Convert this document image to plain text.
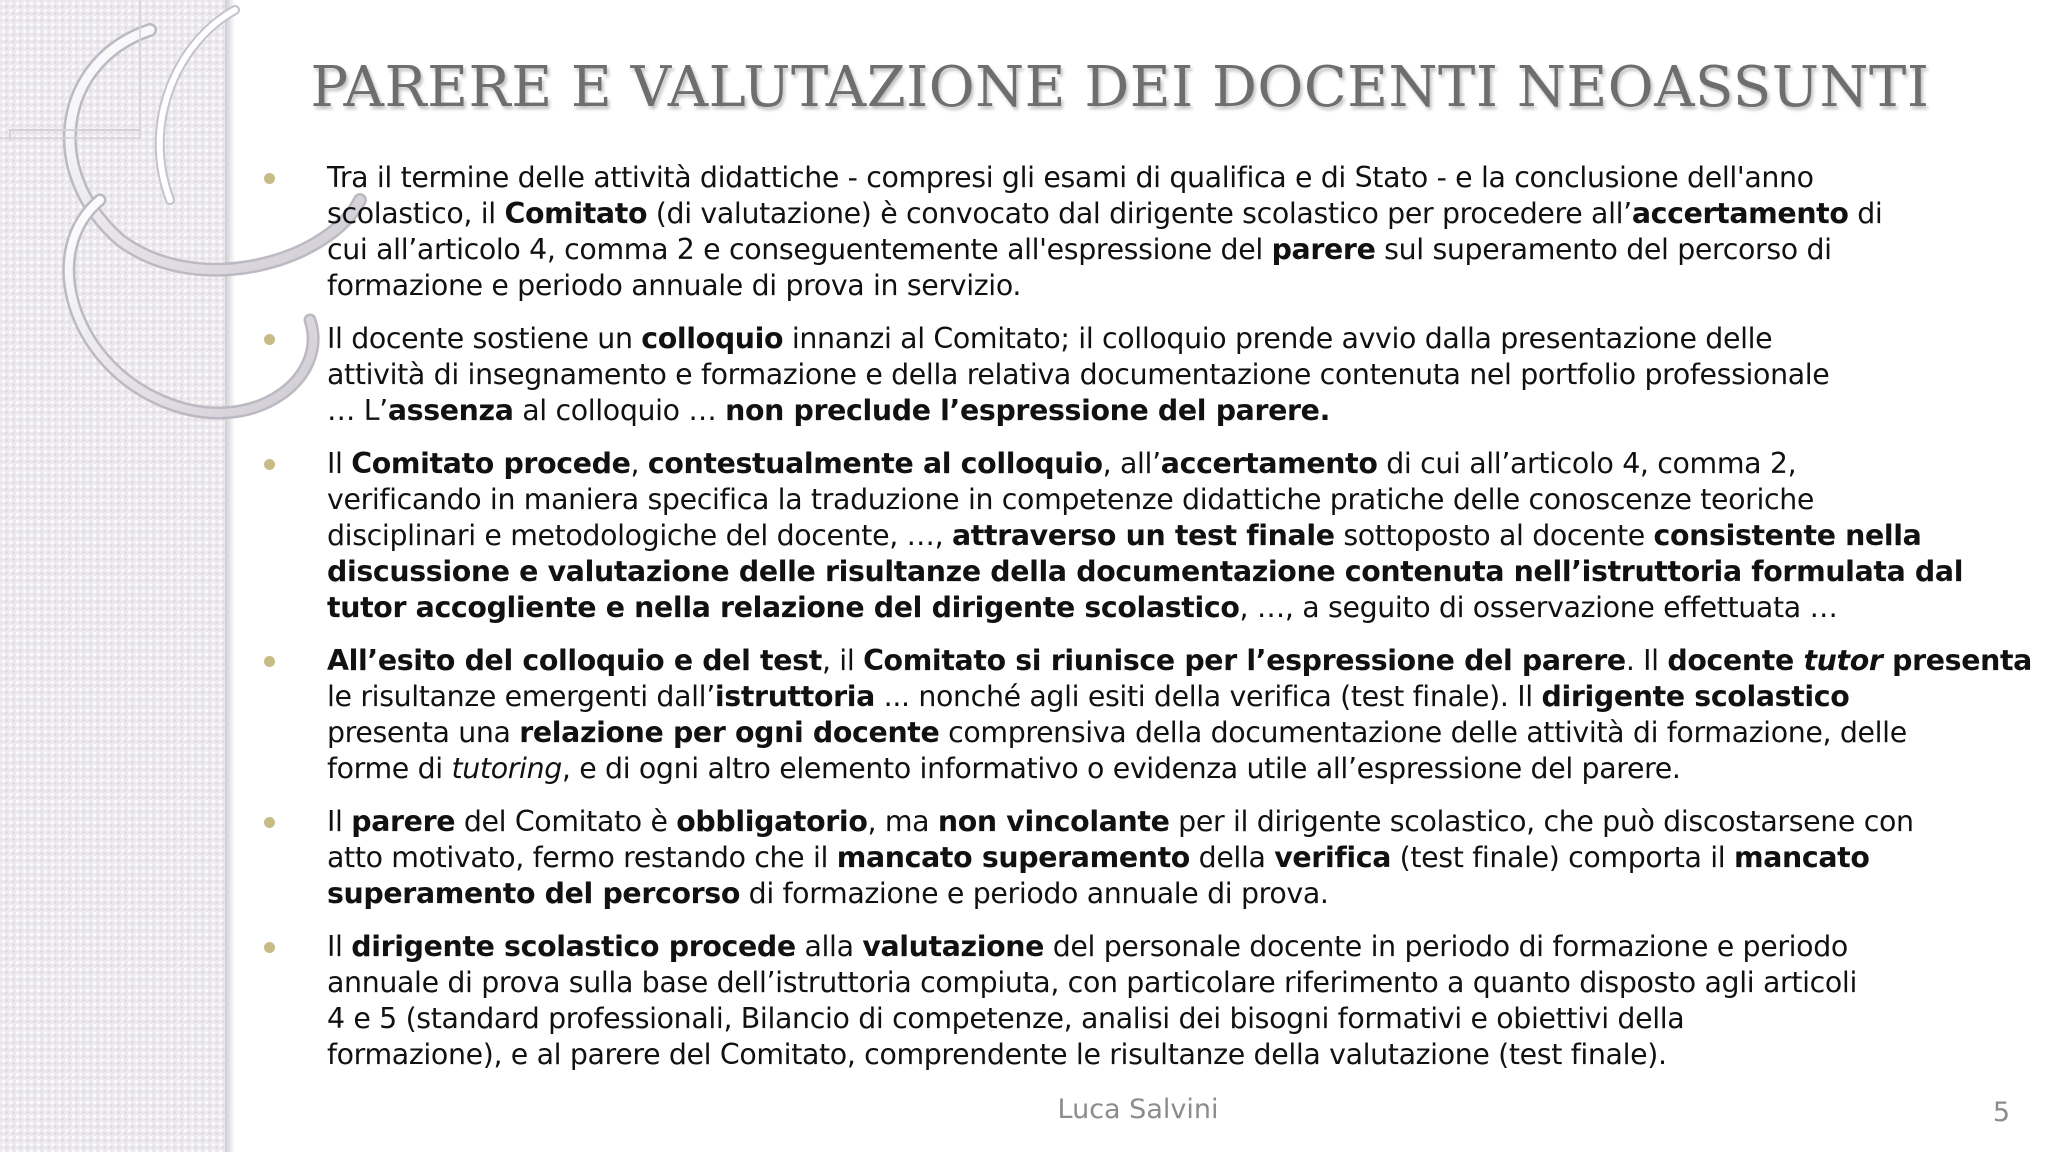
PARERE E VALUTAZIONE DEI DOCENTI NEOASSUNTI
Tra il termine delle attività didattiche - compresi gli esami di qualifica e di Stato - e la conclusione dell'anno
scolastico, il Comitato (di valutazione) è convocato dal dirigente scolastico per procedere all’accertamento di
cui all’articolo 4, comma 2 e conseguentemente all'espressione del parere sul superamento del percorso di
formazione e periodo annuale di prova in servizio.
Il docente sostiene un colloquio innanzi al Comitato; il colloquio prende avvio dalla presentazione delle
attività di insegnamento e formazione e della relativa documentazione contenuta nel portfolio professionale
… L’assenza al colloquio … non preclude l’espressione del parere.
Il Comitato procede, contestualmente al colloquio, all’accertamento di cui all’articolo 4, comma 2,
verificando in maniera specifica la traduzione in competenze didattiche pratiche delle conoscenze teoriche
disciplinari e metodologiche del docente, …, attraverso un test finale sottoposto al docente consistente nella
discussione e valutazione delle risultanze della documentazione contenuta nell’istruttoria formulata dal
tutor accogliente e nella relazione del dirigente scolastico, …, a seguito di osservazione effettuata …
All’esito del colloquio e del test, il Comitato si riunisce per l’espressione del parere. Il docente tutor presenta
le risultanze emergenti dall’istruttoria ... nonché agli esiti della verifica (test finale). Il dirigente scolastico
presenta una relazione per ogni docente comprensiva della documentazione delle attività di formazione, delle
forme di tutoring, e di ogni altro elemento informativo o evidenza utile all’espressione del parere.
Il parere del Comitato è obbligatorio, ma non vincolante per il dirigente scolastico, che può discostarsene con
atto motivato, fermo restando che il mancato superamento della verifica (test finale) comporta il mancato
superamento del percorso di formazione e periodo annuale di prova.
Il dirigente scolastico procede alla valutazione del personale docente in periodo di formazione e periodo
annuale di prova sulla base dell’istruttoria compiuta, con particolare riferimento a quanto disposto agli articoli
4 e 5 (standard professionali, Bilancio di competenze, analisi dei bisogni formativi e obiettivi della
formazione), e al parere del Comitato, comprendente le risultanze della valutazione (test finale).
Luca Salvini	5
